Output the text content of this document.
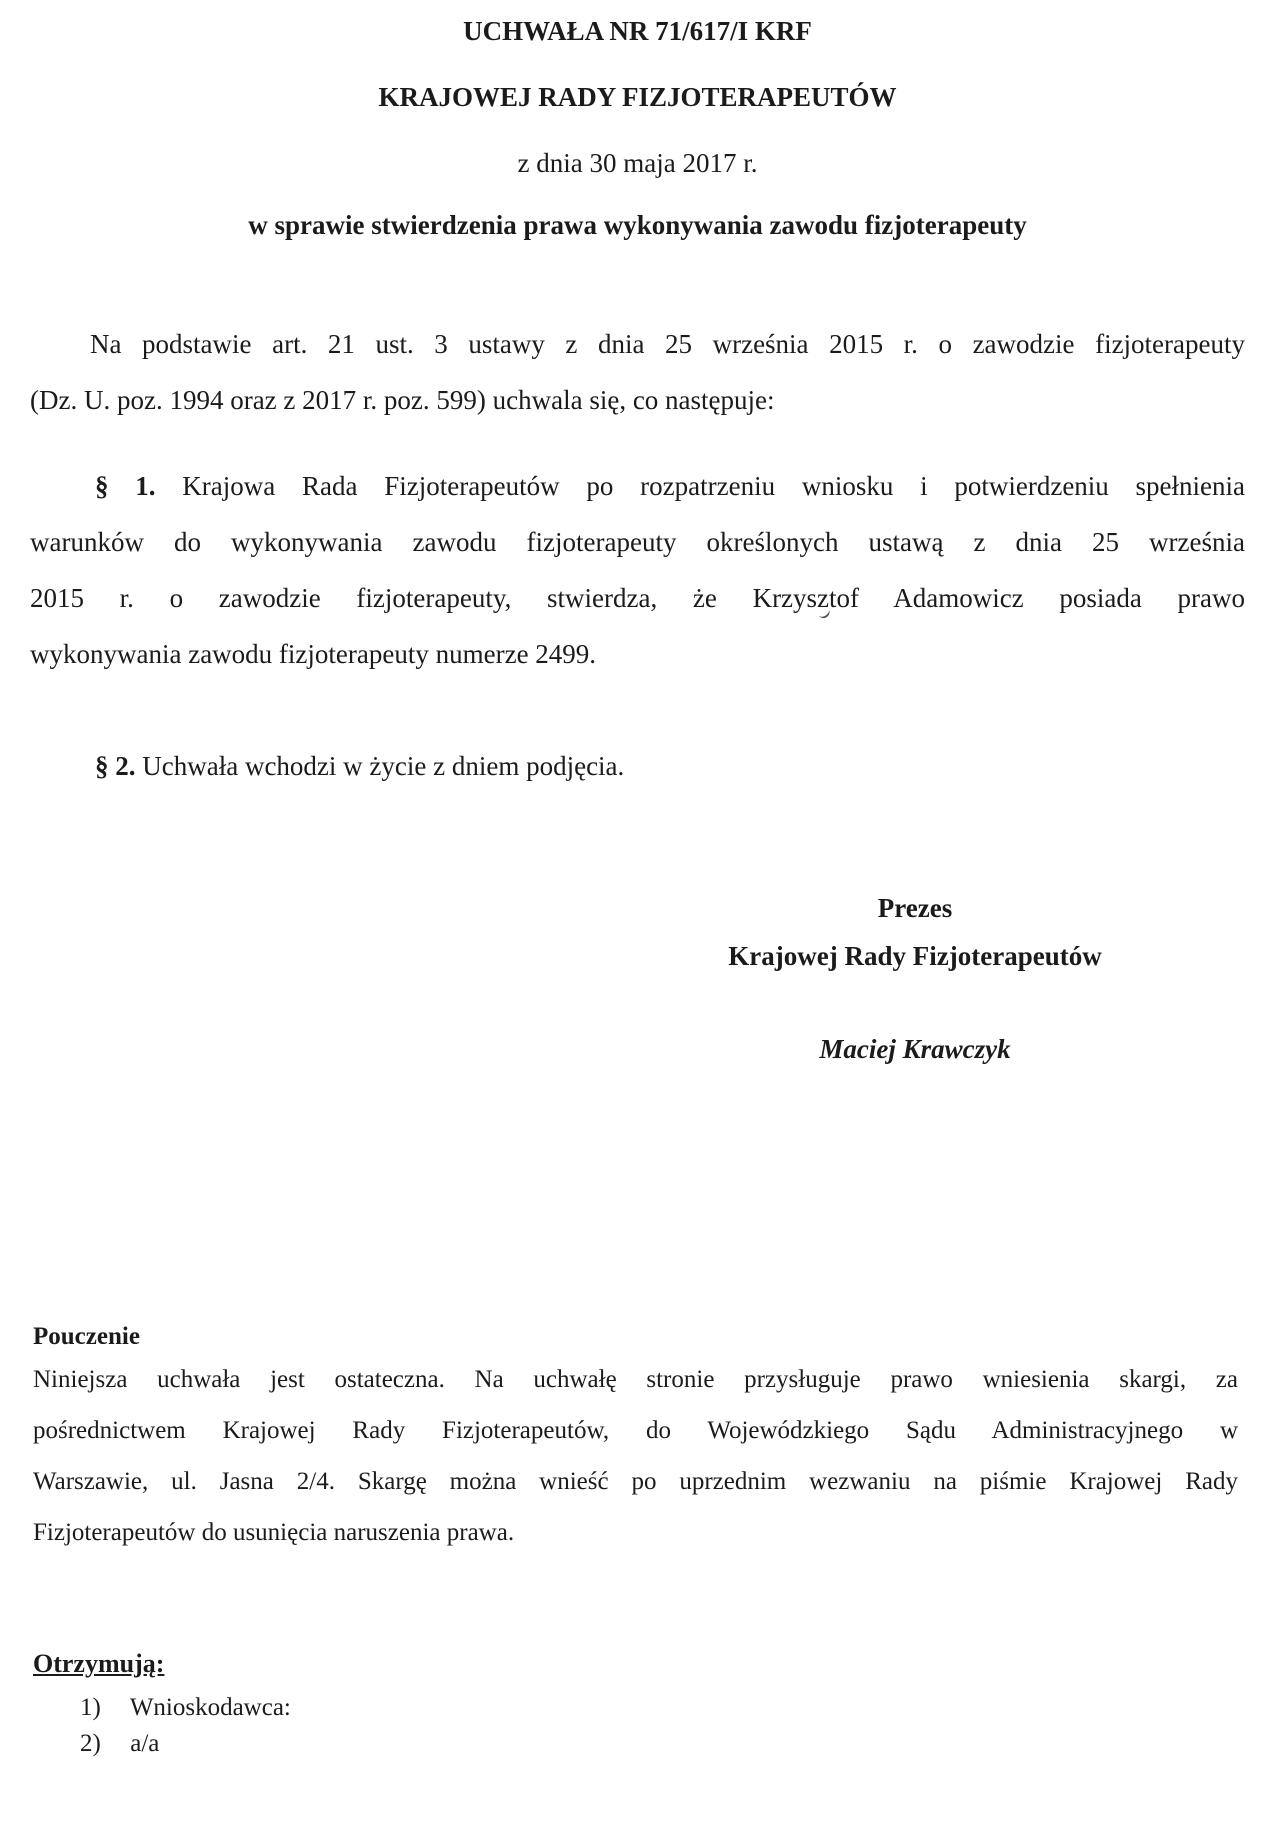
UCHWAŁA NR 71/617/I KRF
KRAJOWEJ RADY FIZJOTERAPEUTÓW
z dnia 30 maja 2017 r.
w sprawie stwierdzenia prawa wykonywania zawodu fizjoterapeuty
Na podstawie art. 21 ust. 3 ustawy z dnia 25 września 2015 r. o zawodzie fizjoterapeuty
(Dz. U. poz. 1994 oraz z 2017 r. poz. 599) uchwala się, co następuje:
§ 1. Krajowa Rada Fizjoterapeutów po rozpatrzeniu wniosku i potwierdzeniu spełnienia
warunków do wykonywania zawodu fizjoterapeuty określonych ustawą z dnia 25 września
2015 r. o zawodzie fizjoterapeuty, stwierdza, że Krzysztof Adamowicz posiada prawo
wykonywania zawodu fizjoterapeuty numerze 2499.
§ 2. Uchwała wchodzi w życie z dniem podjęcia.
Prezes
Krajowej Rady Fizjoterapeutów
Maciej Krawczyk
Pouczenie
Niniejsza uchwała jest ostateczna. Na uchwałę stronie przysługuje prawo wniesienia skargi, za
pośrednictwem Krajowej Rady Fizjoterapeutów, do Wojewódzkiego Sądu Administracyjnego w
Warszawie, ul. Jasna 2/4. Skargę można wnieść po uprzednim wezwaniu na piśmie Krajowej Rady
Fizjoterapeutów do usunięcia naruszenia prawa.
Otrzymują:
1) Wnioskodawca:
2) a/a
